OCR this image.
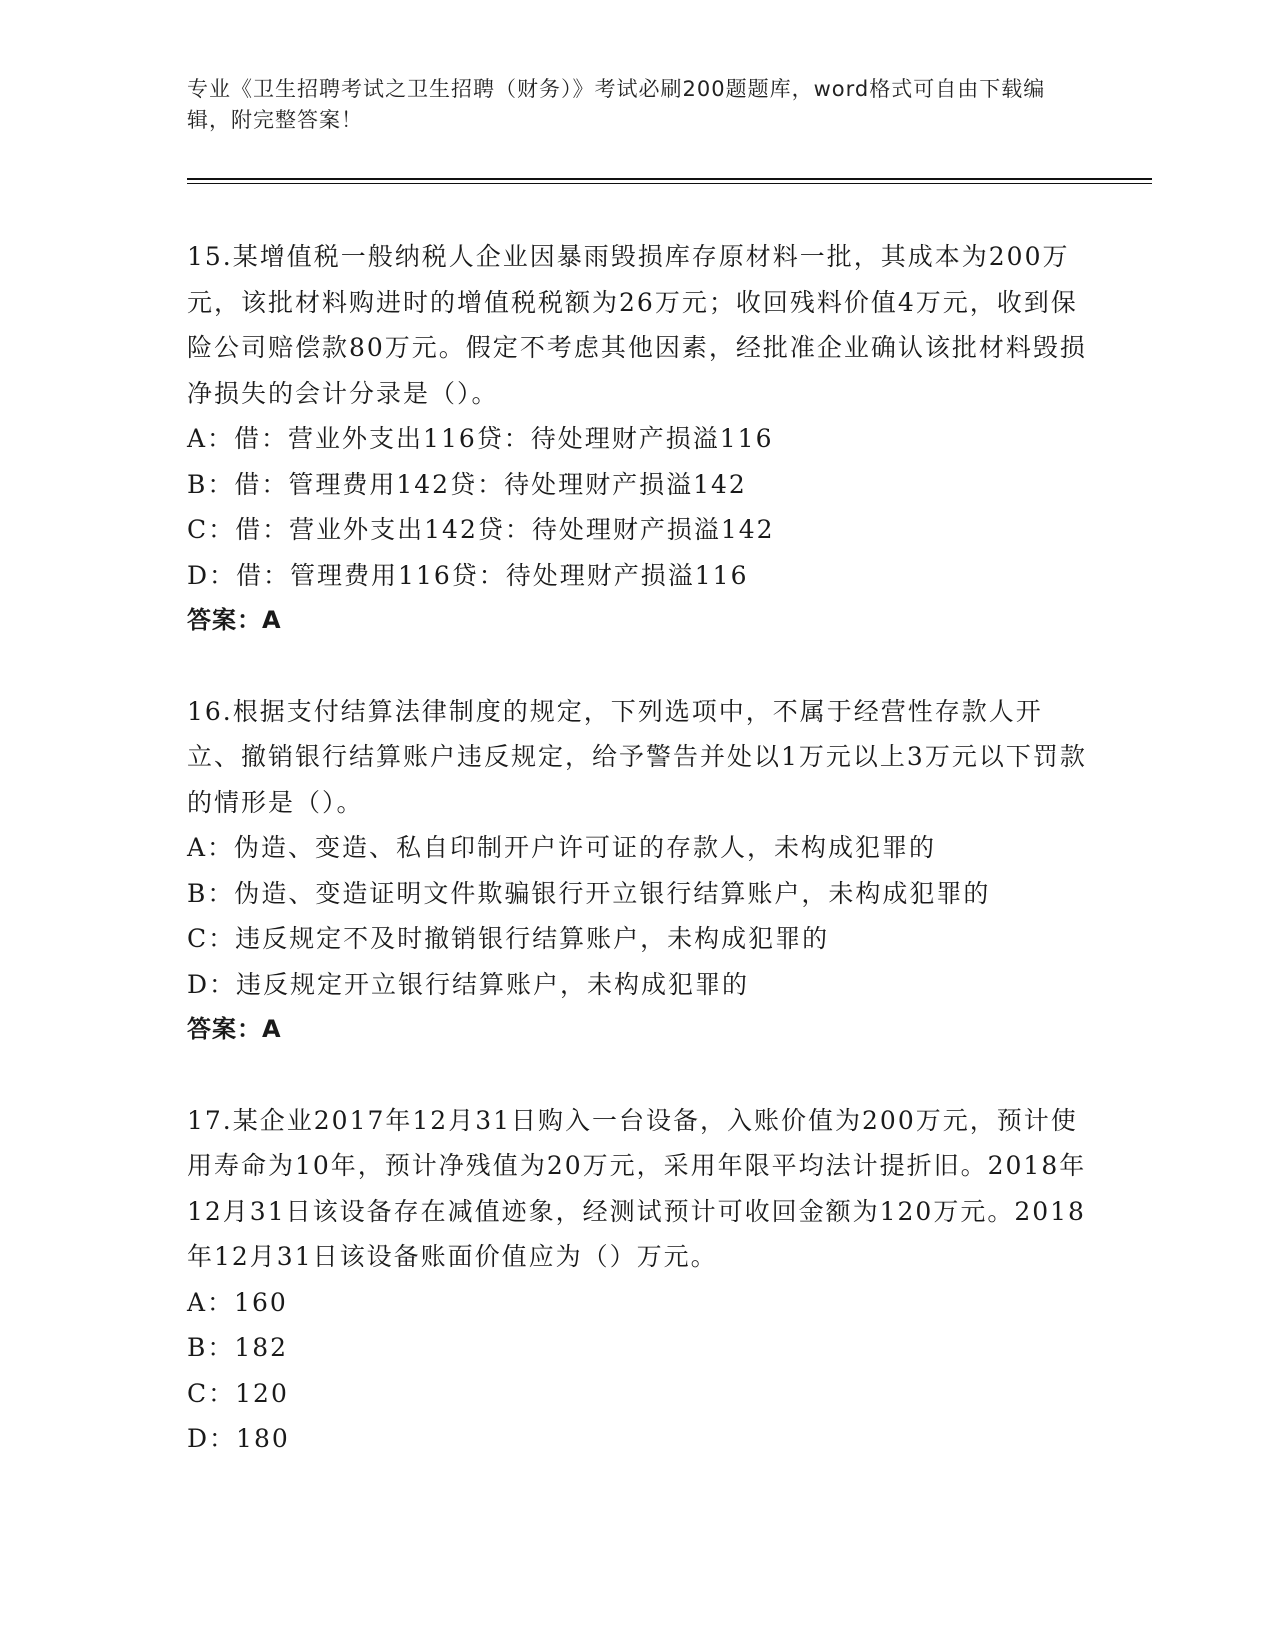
专业《卫生招聘考试之卫生招聘（财务）》考试必刷200题题库，word格式可自由下载编辑，附完整答案！

15.某增值税一般纳税人企业因暴雨毁损库存原材料一批，其成本为200万元，该批材料购进时的增值税税额为26万元；收回残料价值4万元，收到保险公司赔偿款80万元。假定不考虑其他因素，经批准企业确认该批材料毁损净损失的会计分录是（）。

A：借：营业外支出116贷：待处理财产损溢116

B：借：管理费用142贷：待处理财产损溢142

C：借：营业外支出142贷：待处理财产损溢142

D：借：管理费用116贷：待处理财产损溢116

答案：A

16.根据支付结算法律制度的规定，下列选项中，不属于经营性存款人开立、撤销银行结算账户违反规定，给予警告并处以1万元以上3万元以下罚款的情形是（）。

A：伪造、变造、私自印制开户许可证的存款人，未构成犯罪的

B：伪造、变造证明文件欺骗银行开立银行结算账户，未构成犯罪的

C：违反规定不及时撤销银行结算账户，未构成犯罪的

D：违反规定开立银行结算账户，未构成犯罪的

答案：A

17.某企业2017年12月31日购入一台设备，入账价值为200万元，预计使用寿命为10年，预计净残值为20万元，采用年限平均法计提折旧。2018年12月31日该设备存在减值迹象，经测试预计可收回金额为120万元。2018年12月31日该设备账面价值应为（）万元。

A：160

B：182

C：120

D：180
